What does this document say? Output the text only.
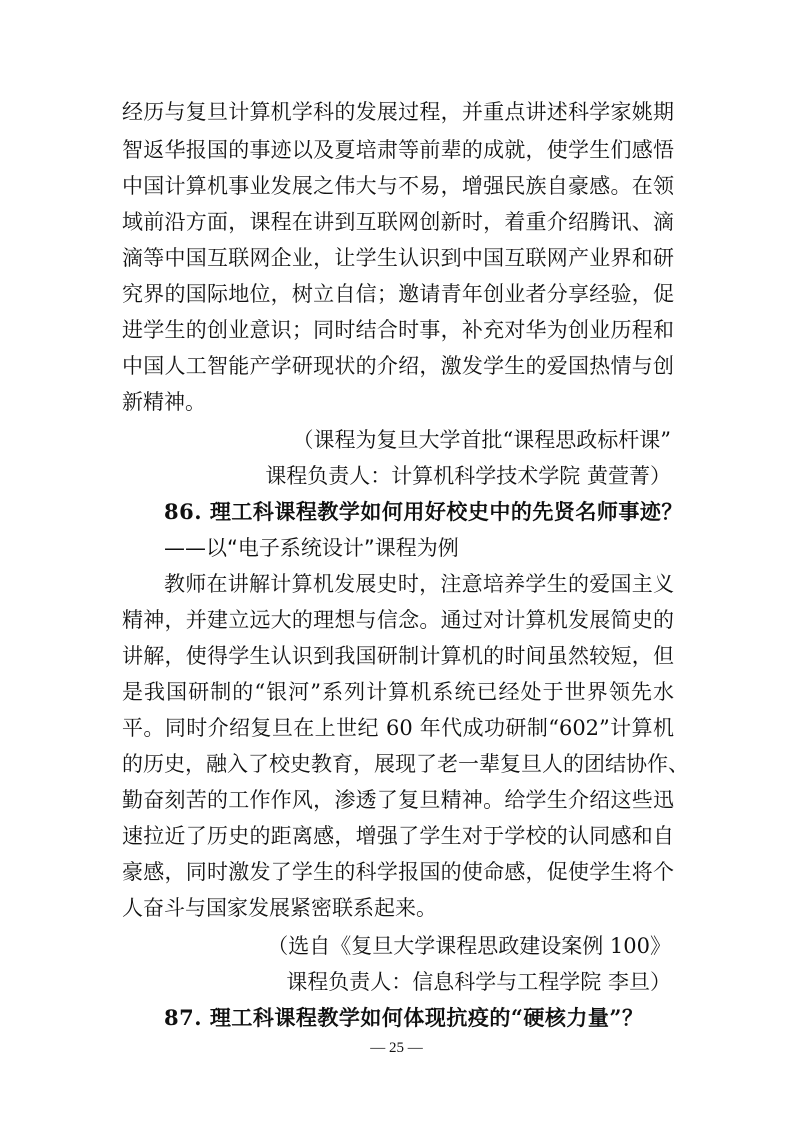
经历与复旦计算机学科的发展过程，并重点讲述科学家姚期
智返华报国的事迹以及夏培肃等前辈的成就，使学生们感悟
中国计算机事业发展之伟大与不易，增强民族自豪感。在领
域前沿方面，课程在讲到互联网创新时，着重介绍腾讯、滴
滴等中国互联网企业，让学生认识到中国互联网产业界和研
究界的国际地位，树立自信；邀请青年创业者分享经验，促
进学生的创业意识；同时结合时事，补充对华为创业历程和
中国人工智能产学研现状的介绍，激发学生的爱国热情与创
新精神。
（课程为复旦大学首批“课程思政标杆课”
课程负责人：计算机科学技术学院 黄萱菁）
86. 理工科课程教学如何用好校史中的先贤名师事迹？
——以“电子系统设计”课程为例
教师在讲解计算机发展史时，注意培养学生的爱国主义
精神，并建立远大的理想与信念。通过对计算机发展简史的
讲解，使得学生认识到我国研制计算机的时间虽然较短，但
是我国研制的“银河”系列计算机系统已经处于世界领先水
平。同时介绍复旦在上世纪 60 年代成功研制“602”计算机
的历史，融入了校史教育，展现了老一辈复旦人的团结协作、
勤奋刻苦的工作作风，渗透了复旦精神。给学生介绍这些迅
速拉近了历史的距离感，增强了学生对于学校的认同感和自
豪感，同时激发了学生的科学报国的使命感，促使学生将个
人奋斗与国家发展紧密联系起来。
（选自《复旦大学课程思政建设案例 100》
课程负责人：信息科学与工程学院 李旦）
87. 理工科课程教学如何体现抗疫的“硬核力量”？
— 25 —
